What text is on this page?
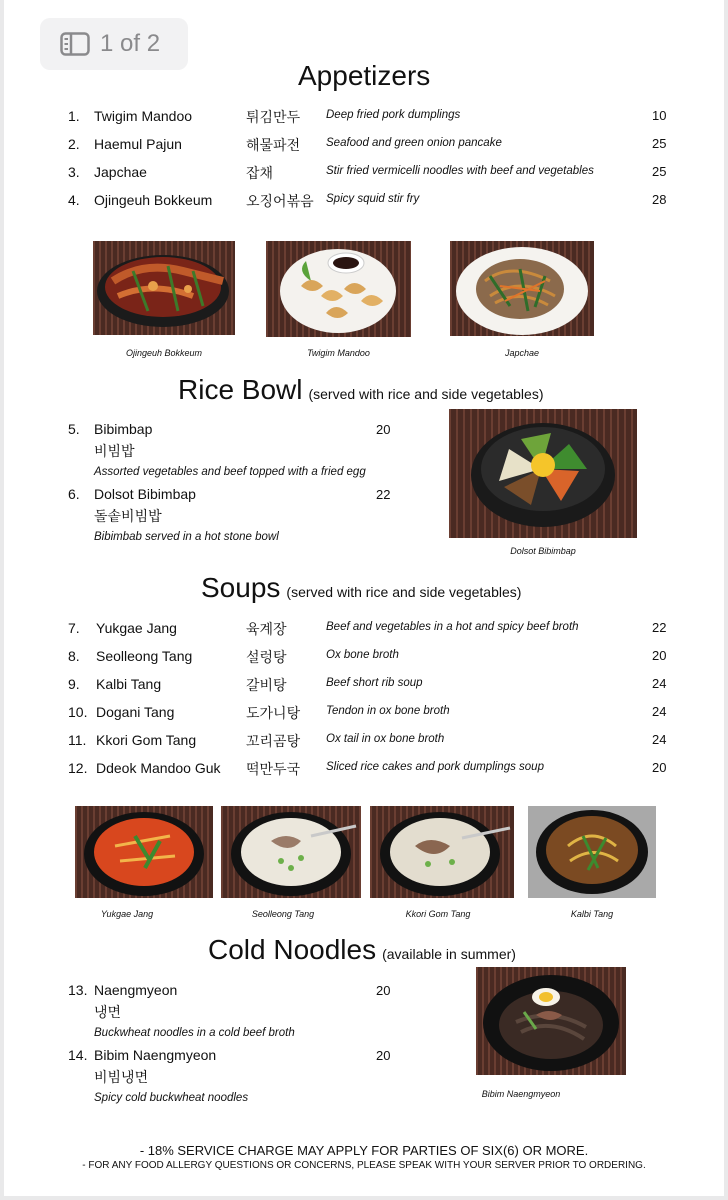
1 of 2
Appetizers
1. Twigim Mandoo	튀김만두 Deep fried pork dumplings	10
2. Haemul Pajun	해물파전 Seafood and green onion pancake	25
3. Japchae	잡채	Stir fried vermicelli noodles with beef and vegetables	25
4. Ojingeuh Bokkeum 오징어볶음 Spicy squid stir fry	28
Ojingeuh Bokkeum	Twigim Mandoo	Japchae
Rice Bowl (served with rice and side vegetables)
5. Bibimbap	20
비빔밥
Assorted vegetables and beef topped with a fried egg
6. Dolsot Bibimbap	22
돌솥비빔밥
Bibimbab served in a hot stone bowl
Dolsot Bibimbap
Soups (served with rice and side vegetables)
7. Yukgae Jang	육계장	Beef and vegetables in a hot and spicy beef broth	22
8. Seolleong Tang	설렁탕	Ox bone broth	20
9. Kalbi Tang	갈비탕	Beef short rib soup	24
10. Dogani Tang	도가니탕 Tendon in ox bone broth	24
11. Kkori Gom Tang	꼬리곰탕 Ox tail in ox bone broth	24
12. Ddeok Mandoo Guk 떡만두국 Sliced rice cakes and pork dumplings soup	20
Yukgae Jang	Seolleong Tang	Kkori Gom Tang	Kalbi Tang
Cold Noodles (available in summer)
13. Naengmyeon	20
냉면
Buckwheat noodles in a cold beef broth
14. Bibim Naengmyeon	20
비빔냉면
Spicy cold buckwheat noodles	Bibim Naengmyeon
- 18% SERVICE CHARGE MAY APPLY FOR PARTIES OF SIX(6) OR MORE.
- FOR ANY FOOD ALLERGY QUESTIONS OR CONCERNS, PLEASE SPEAK WITH YOUR SERVER PRIOR TO ORDERING.
